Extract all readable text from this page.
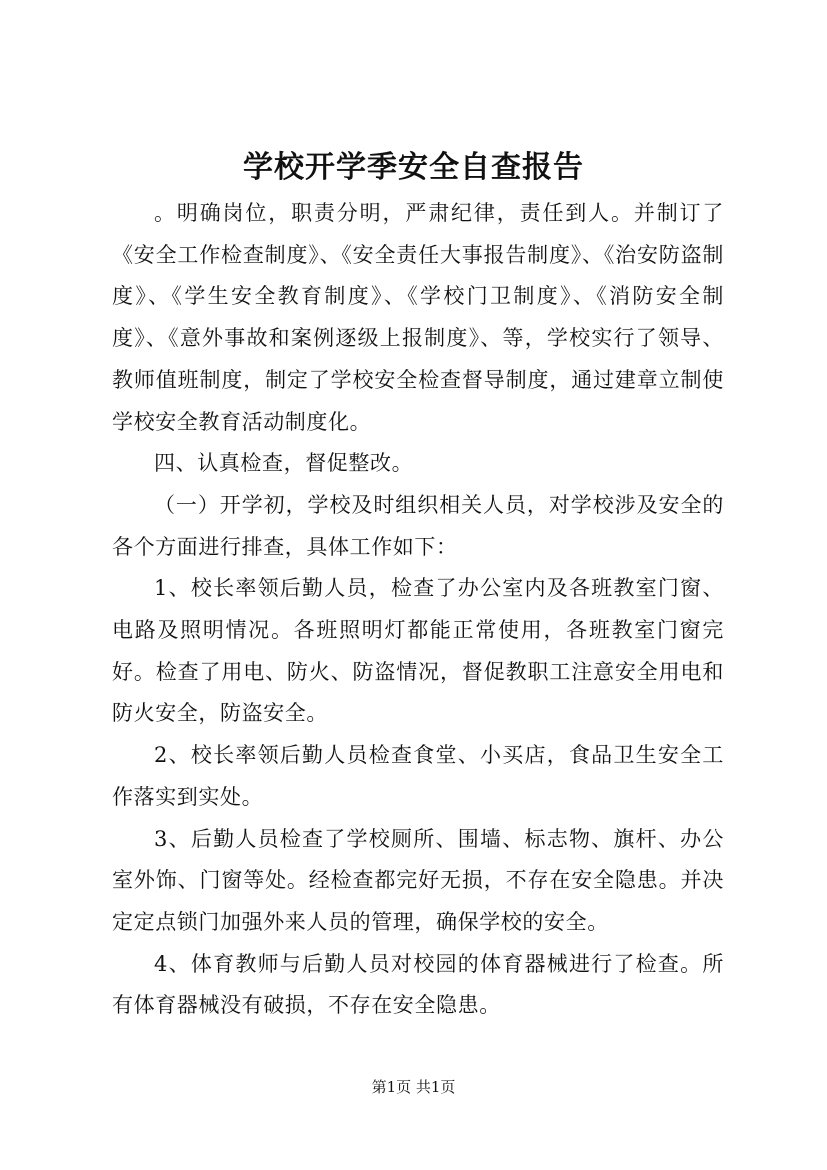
学校开学季安全自查报告

。明确岗位，职责分明，严肃纪律，责任到人。并制订了《安全工作检查制度》、《安全责任大事报告制度》、《治安防盗制度》、《学生安全教育制度》、《学校门卫制度》、《消防安全制度》、《意外事故和案例逐级上报制度》、等，学校实行了领导、教师值班制度，制定了学校安全检查督导制度，通过建章立制使学校安全教育活动制度化。

四、认真检查，督促整改。

（一）开学初，学校及时组织相关人员，对学校涉及安全的各个方面进行排查，具体工作如下：

1、校长率领后勤人员，检查了办公室内及各班教室门窗、电路及照明情况。各班照明灯都能正常使用，各班教室门窗完好。检查了用电、防火、防盗情况，督促教职工注意安全用电和防火安全，防盗安全。

2、校长率领后勤人员检查食堂、小买店，食品卫生安全工作落实到实处。

3、后勤人员检查了学校厕所、围墙、标志物、旗杆、办公室外饰、门窗等处。经检查都完好无损，不存在安全隐患。并决定定点锁门加强外来人员的管理，确保学校的安全。

4、体育教师与后勤人员对校园的体育器械进行了检查。所有体育器械没有破损，不存在安全隐患。

第1页 共1页
